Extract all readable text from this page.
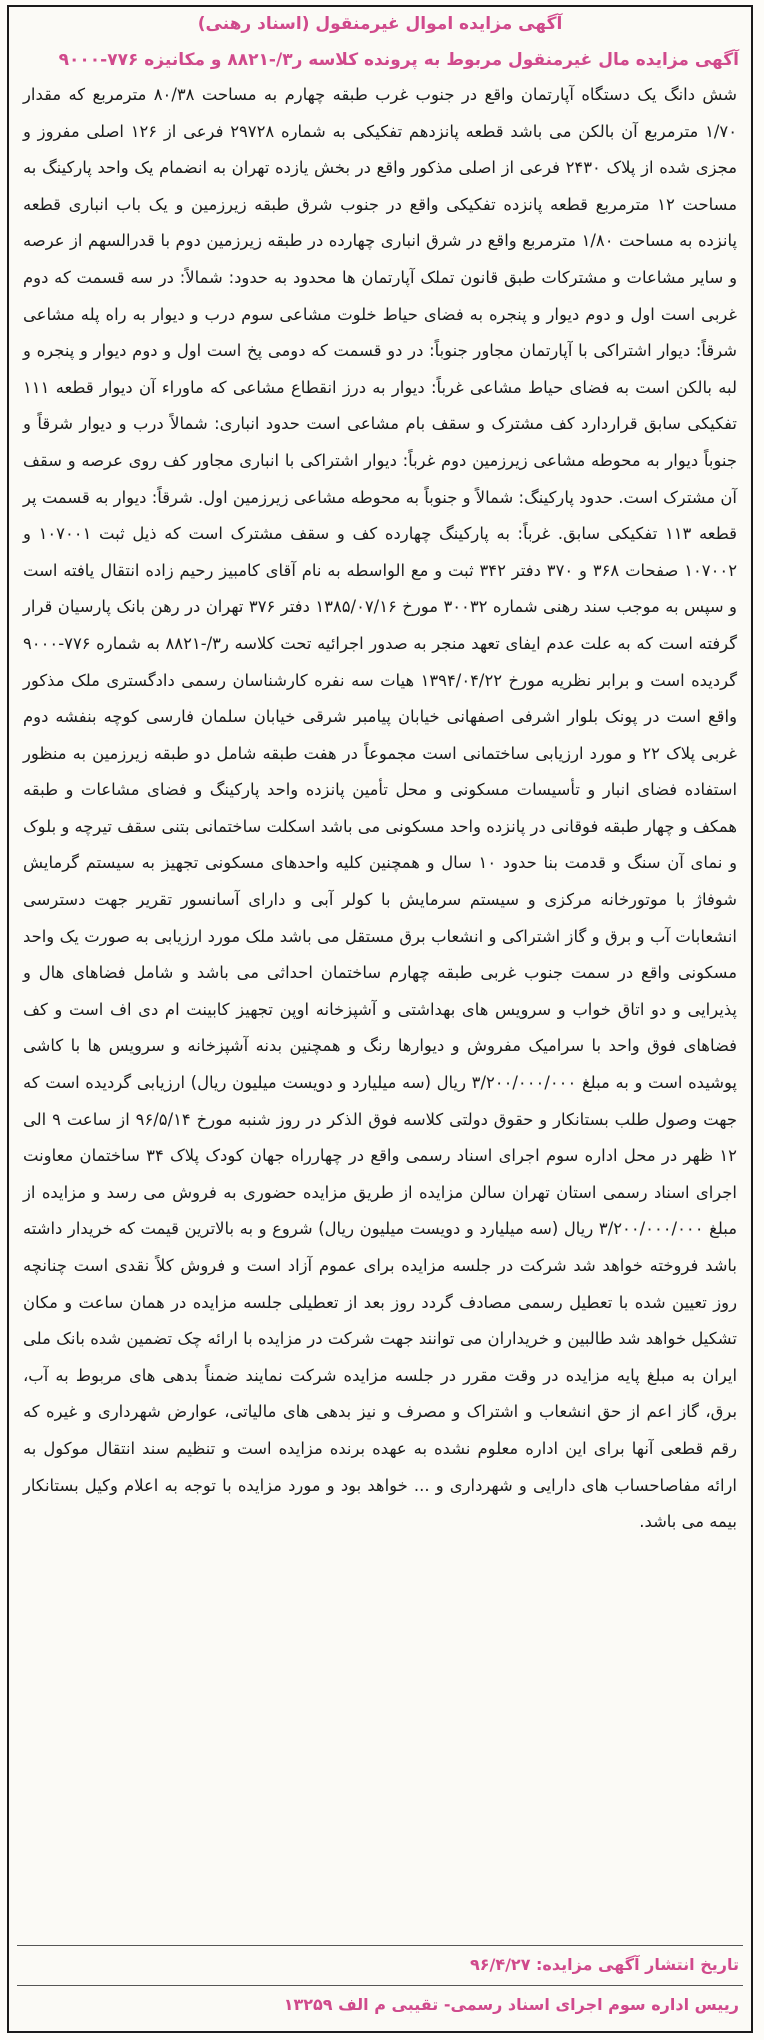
آگهی مزایده اموال غیرمنقول (اسناد رهنی)
آگهی مزایده مال غیرمنقول مربوط به پرونده کلاسه ر۳/-۸۸۲۱ و مکانیزه ۷۷۶-۹۰۰۰
شش دانگ یک دستگاه آپارتمان واقع در جنوب غرب طبقه چهارم به مساحت ۸۰/۳۸ مترمربع که مقدار ۱/۷۰ مترمربع آن بالکن می باشد قطعه پانزدهم تفکیکی به شماره ۲۹۷۲۸ فرعی از ۱۲۶ اصلی مفروز و مجزی شده از پلاک ۲۴۳۰ فرعی از اصلی مذکور واقع در بخش یازده تهران به انضمام یک واحد پارکینگ به مساحت ۱۲ مترمربع قطعه پانزده تفکیکی واقع در جنوب شرق طبقه زیرزمین و یک باب انباری قطعه پانزده به مساحت ۱/۸۰ مترمربع واقع در شرق انباری چهارده در طبقه زیرزمین دوم با قدرالسهم از عرصه و سایر مشاعات و مشترکات طبق قانون تملک آپارتمان ها محدود به حدود: شمالاً: در سه قسمت که دوم غربی است اول و دوم دیوار و پنجره به فضای حیاط خلوت مشاعی سوم درب و دیوار به راه پله مشاعی شرقاً: دیوار اشتراکی با آپارتمان مجاور جنوباً: در دو قسمت که دومی پخ است اول و دوم دیوار و پنجره و لبه بالکن است به فضای حیاط مشاعی غرباً: دیوار به درز انقطاع مشاعی که ماوراء آن دیوار قطعه ۱۱۱ تفکیکی سابق قراردارد کف مشترک و سقف بام مشاعی است حدود انباری: شمالاً درب و دیوار شرقاً و جنوباً دیوار به محوطه مشاعی زیرزمین دوم غرباً: دیوار اشتراکی با انباری مجاور کف روی عرصه و سقف آن مشترک است. حدود پارکینگ: شمالاً و جنوباً به محوطه مشاعی زیرزمین اول. شرقاً: دیوار به قسمت پر قطعه ۱۱۳ تفکیکی سابق. غرباً: به پارکینگ چهارده کف و سقف مشترک است که ذیل ثبت ۱۰۷۰۰۱ و ۱۰۷۰۰۲ صفحات ۳۶۸ و ۳۷۰ دفتر ۳۴۲ ثبت و مع الواسطه به نام آقای کامبیز رحیم زاده انتقال یافته است و سپس به موجب سند رهنی شماره ۳۰۰۳۲ مورخ ۱۳۸۵/۰۷/۱۶ دفتر ۳۷۶ تهران در رهن بانک پارسیان قرار گرفته است که به علت عدم ایفای تعهد منجر به صدور اجرائیه تحت کلاسه ر۳/-۸۸۲۱ به شماره ۷۷۶-۹۰۰۰ گردیده است و برابر نظریه مورخ ۱۳۹۴/۰۴/۲۲ هیات سه نفره کارشناسان رسمی دادگستری ملک مذکور واقع است در پونک بلوار اشرفی اصفهانی خیابان پیامبر شرقی خیابان سلمان فارسی کوچه بنفشه دوم غربی پلاک ۲۲ و مورد ارزیابی ساختمانی است مجموعاً در هفت طبقه شامل دو طبقه زیرزمین به منظور استفاده فضای انبار و تأسیسات مسکونی و محل تأمین پانزده واحد پارکینگ و فضای مشاعات و طبقه همکف و چهار طبقه فوقانی در پانزده واحد مسکونی می باشد اسکلت ساختمانی بتنی سقف تیرچه و بلوک و نمای آن سنگ و قدمت بنا حدود ۱۰ سال و همچنین کلیه واحدهای مسکونی تجهیز به سیستم گرمایش شوفاژ با موتورخانه مرکزی و سیستم سرمایش با کولر آبی و دارای آسانسور تقریر جهت دسترسی انشعابات آب و برق و گاز اشتراکی و انشعاب برق مستقل می باشد ملک مورد ارزیابی به صورت یک واحد مسکونی واقع در سمت جنوب غربی طبقه چهارم ساختمان احداثی می باشد و شامل فضاهای هال و پذیرایی و دو اتاق خواب و سرویس های بهداشتی و آشپزخانه اوپن تجهیز کابینت ام دی اف است و کف فضاهای فوق واحد با سرامیک مفروش و دیوارها رنگ و همچنین بدنه آشپزخانه و سرویس ها با کاشی پوشیده است و به مبلغ ۳/۲۰۰/۰۰۰/۰۰۰ ریال (سه میلیارد و دویست میلیون ریال) ارزیابی گردیده است که جهت وصول طلب بستانکار و حقوق دولتی کلاسه فوق الذکر در روز شنبه مورخ ۹۶/۵/۱۴ از ساعت ۹ الی ۱۲ ظهر در محل اداره سوم اجرای اسناد رسمی واقع در چهارراه جهان کودک پلاک ۳۴ ساختمان معاونت اجرای اسناد رسمی استان تهران سالن مزایده از طریق مزایده حضوری به فروش می رسد و مزایده از مبلغ ۳/۲۰۰/۰۰۰/۰۰۰ ریال (سه میلیارد و دویست میلیون ریال) شروع و به بالاترین قیمت که خریدار داشته باشد فروخته خواهد شد شرکت در جلسه مزایده برای عموم آزاد است و فروش کلاً نقدی است چنانچه روز تعیین شده با تعطیل رسمی مصادف گردد روز بعد از تعطیلی جلسه مزایده در همان ساعت و مکان تشکیل خواهد شد طالبین و خریداران می توانند جهت شرکت در مزایده با ارائه چک تضمین شده بانک ملی ایران به مبلغ پایه مزایده در وقت مقرر در جلسه مزایده شرکت نمایند ضمناً بدهی های مربوط به آب، برق، گاز اعم از حق انشعاب و اشتراک و مصرف و نیز بدهی های مالیاتی، عوارض شهرداری و غیره که رقم قطعی آنها برای این اداره معلوم نشده به عهده برنده مزایده است و تنظیم سند انتقال موکول به ارائه مفاصاحساب های دارایی و شهرداری و ... خواهد بود و مورد مزایده با توجه به اعلام وکیل بستانکار بیمه می باشد.
تاریخ انتشار آگهی مزایده: ۹۶/۴/۲۷
رییس اداره سوم اجرای اسناد رسمی- تقیبی م الف ۱۳۲۵۹
